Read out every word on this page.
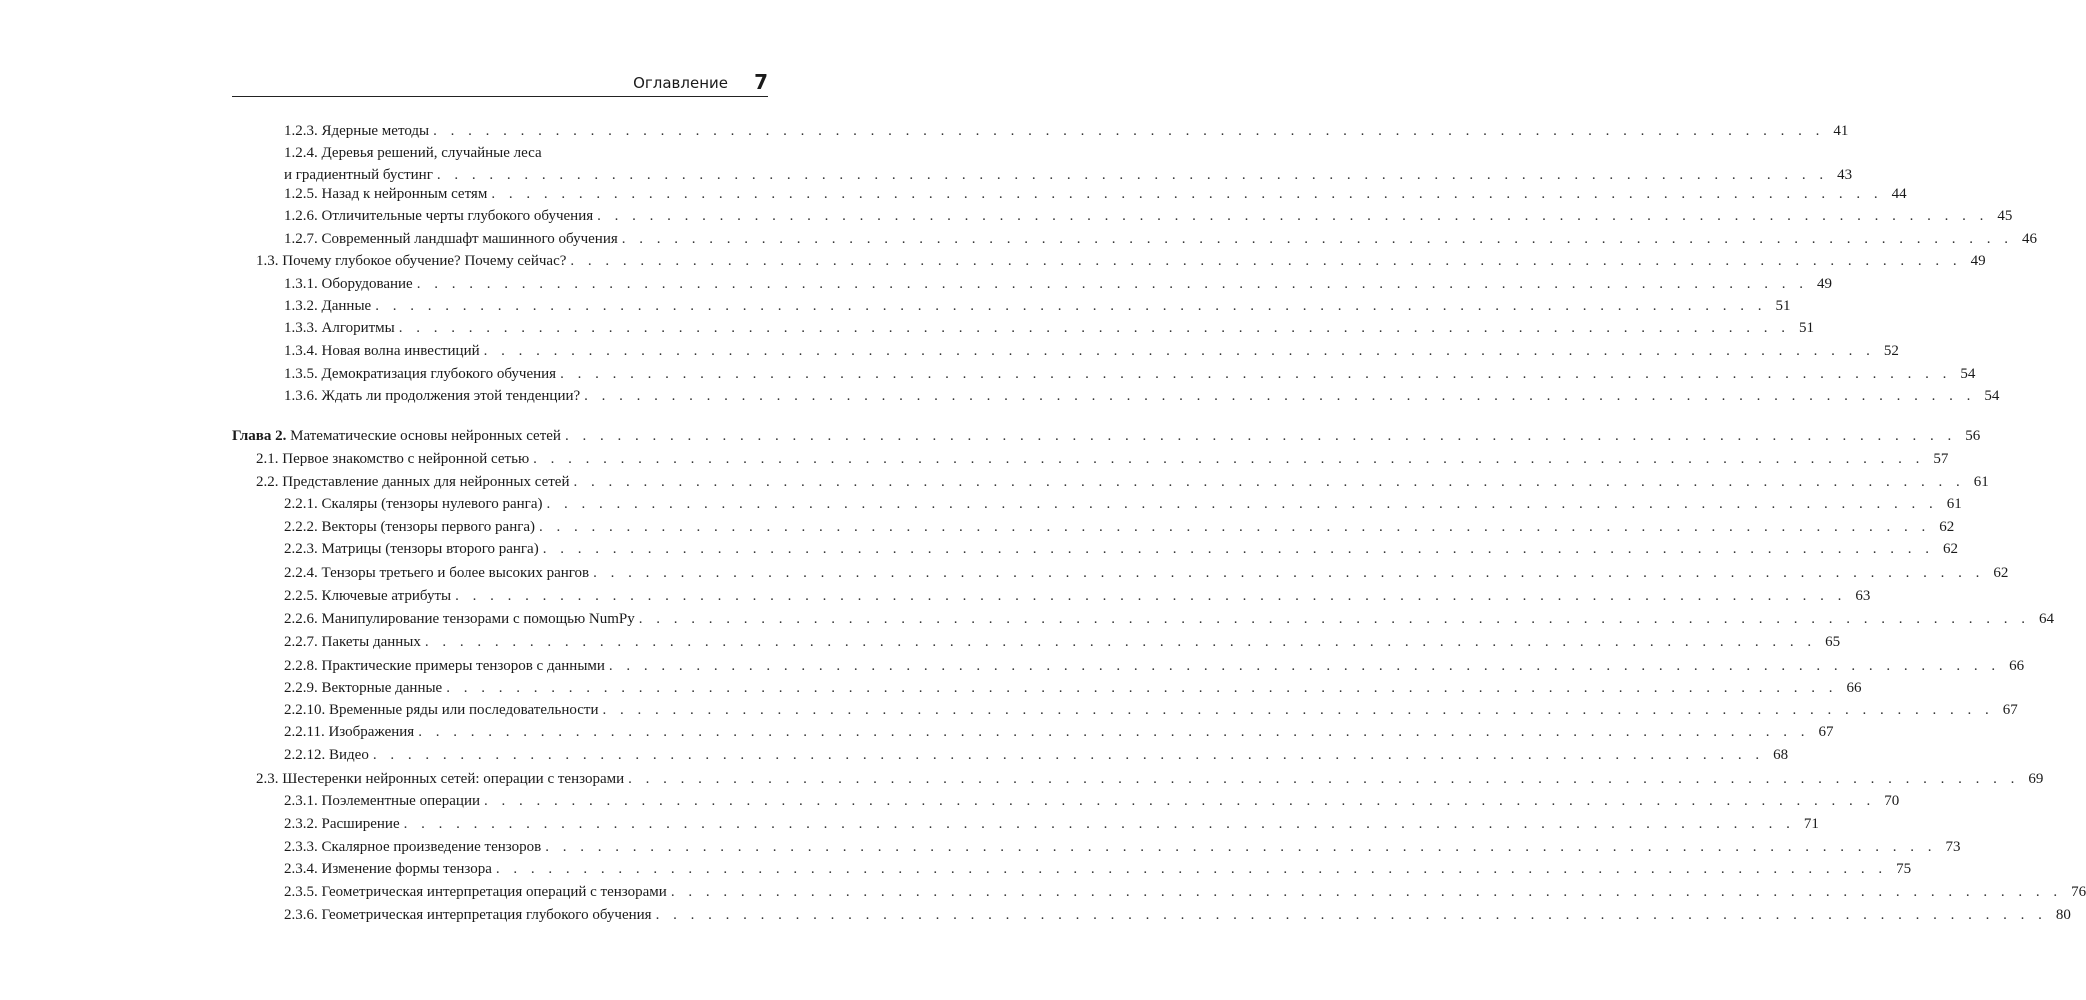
Оглавление 7
1.2.3. Ядерные методы . . . . . . . . . . . . . . . . . . . . . . . . . . . . . . . . . . . . . . . . . . . . . . . . . . . . . . . . . . . . . . . . . . . . . . . . . . . . . . . . 41
1.2.4. Деревья решений, случайные леса
и градиентный бустинг . . . . . . . . . . . . . . . . . . . . . . . . . . . . . . . . . . . . . . . . . . . . . . . . . . . . . . . . . . . . . . . . . . . . . . . . . . . . . . . . 43
1.2.5. Назад к нейронным сетям . . . . . . . . . . . . . . . . . . . . . . . . . . . . . . . . . . . . . . . . . . . . . . . . . . . . . . . . . . . . . . . . . . . . . . . . . . . . . . . . 44
1.2.6. Отличительные черты глубокого обучения . . . . . . . . . . . . . . . . . . . . . . . . . . . . . . . . . . . . . . . . . . . . . . . . . . . . . . . . . . . . . . . . . . . . . . . . . . . . . . . . 45
1.2.7. Современный ландшафт машинного обучения . . . . . . . . . . . . . . . . . . . . . . . . . . . . . . . . . . . . . . . . . . . . . . . . . . . . . . . . . . . . . . . . . . . . . . . . . . . . . . . . 46
1.3. Почему глубокое обучение? Почему сейчас? . . . . . . . . . . . . . . . . . . . . . . . . . . . . . . . . . . . . . . . . . . . . . . . . . . . . . . . . . . . . . . . . . . . . . . . . . . . . . . . . 49
1.3.1. Оборудование . . . . . . . . . . . . . . . . . . . . . . . . . . . . . . . . . . . . . . . . . . . . . . . . . . . . . . . . . . . . . . . . . . . . . . . . . . . . . . . . 49
1.3.2. Данные . . . . . . . . . . . . . . . . . . . . . . . . . . . . . . . . . . . . . . . . . . . . . . . . . . . . . . . . . . . . . . . . . . . . . . . . . . . . . . . . 51
1.3.3. Алгоритмы . . . . . . . . . . . . . . . . . . . . . . . . . . . . . . . . . . . . . . . . . . . . . . . . . . . . . . . . . . . . . . . . . . . . . . . . . . . . . . . . 51
1.3.4. Новая волна инвестиций . . . . . . . . . . . . . . . . . . . . . . . . . . . . . . . . . . . . . . . . . . . . . . . . . . . . . . . . . . . . . . . . . . . . . . . . . . . . . . . . 52
1.3.5. Демократизация глубокого обучения . . . . . . . . . . . . . . . . . . . . . . . . . . . . . . . . . . . . . . . . . . . . . . . . . . . . . . . . . . . . . . . . . . . . . . . . . . . . . . . . 54
1.3.6. Ждать ли продолжения этой тенденции? . . . . . . . . . . . . . . . . . . . . . . . . . . . . . . . . . . . . . . . . . . . . . . . . . . . . . . . . . . . . . . . . . . . . . . . . . . . . . . . . 54
Глава 2. Математические основы нейронных сетей . . . . . . . . . . . . . . . . . . . . . . . . . . . . . . . . . . . . . . . . . . . . . . . . . . . . . . . . . . . . . . . . . . . . . . . . . . . . . . . . 56
2.1. Первое знакомство с нейронной сетью . . . . . . . . . . . . . . . . . . . . . . . . . . . . . . . . . . . . . . . . . . . . . . . . . . . . . . . . . . . . . . . . . . . . . . . . . . . . . . . . 57
2.2. Представление данных для нейронных сетей . . . . . . . . . . . . . . . . . . . . . . . . . . . . . . . . . . . . . . . . . . . . . . . . . . . . . . . . . . . . . . . . . . . . . . . . . . . . . . . . 61
2.2.1. Скаляры (тензоры нулевого ранга) . . . . . . . . . . . . . . . . . . . . . . . . . . . . . . . . . . . . . . . . . . . . . . . . . . . . . . . . . . . . . . . . . . . . . . . . . . . . . . . . 61
2.2.2. Векторы (тензоры первого ранга) . . . . . . . . . . . . . . . . . . . . . . . . . . . . . . . . . . . . . . . . . . . . . . . . . . . . . . . . . . . . . . . . . . . . . . . . . . . . . . . . 62
2.2.3. Матрицы (тензоры второго ранга) . . . . . . . . . . . . . . . . . . . . . . . . . . . . . . . . . . . . . . . . . . . . . . . . . . . . . . . . . . . . . . . . . . . . . . . . . . . . . . . . 62
2.2.4. Тензоры третьего и более высоких рангов . . . . . . . . . . . . . . . . . . . . . . . . . . . . . . . . . . . . . . . . . . . . . . . . . . . . . . . . . . . . . . . . . . . . . . . . . . . . . . . . 62
2.2.5. Ключевые атрибуты . . . . . . . . . . . . . . . . . . . . . . . . . . . . . . . . . . . . . . . . . . . . . . . . . . . . . . . . . . . . . . . . . . . . . . . . . . . . . . . . 63
2.2.6. Манипулирование тензорами с помощью NumPy . . . . . . . . . . . . . . . . . . . . . . . . . . . . . . . . . . . . . . . . . . . . . . . . . . . . . . . . . . . . . . . . . . . . . . . . . . . . . . . . 64
2.2.7. Пакеты данных . . . . . . . . . . . . . . . . . . . . . . . . . . . . . . . . . . . . . . . . . . . . . . . . . . . . . . . . . . . . . . . . . . . . . . . . . . . . . . . . 65
2.2.8. Практические примеры тензоров с данными . . . . . . . . . . . . . . . . . . . . . . . . . . . . . . . . . . . . . . . . . . . . . . . . . . . . . . . . . . . . . . . . . . . . . . . . . . . . . . . . 66
2.2.9. Векторные данные . . . . . . . . . . . . . . . . . . . . . . . . . . . . . . . . . . . . . . . . . . . . . . . . . . . . . . . . . . . . . . . . . . . . . . . . . . . . . . . . 66
2.2.10. Временные ряды или последовательности . . . . . . . . . . . . . . . . . . . . . . . . . . . . . . . . . . . . . . . . . . . . . . . . . . . . . . . . . . . . . . . . . . . . . . . . . . . . . . . . 67
2.2.11. Изображения . . . . . . . . . . . . . . . . . . . . . . . . . . . . . . . . . . . . . . . . . . . . . . . . . . . . . . . . . . . . . . . . . . . . . . . . . . . . . . . . 67
2.2.12. Видео . . . . . . . . . . . . . . . . . . . . . . . . . . . . . . . . . . . . . . . . . . . . . . . . . . . . . . . . . . . . . . . . . . . . . . . . . . . . . . . . 68
2.3. Шестеренки нейронных сетей: операции с тензорами . . . . . . . . . . . . . . . . . . . . . . . . . . . . . . . . . . . . . . . . . . . . . . . . . . . . . . . . . . . . . . . . . . . . . . . . . . . . . . . . 69
2.3.1. Поэлементные операции . . . . . . . . . . . . . . . . . . . . . . . . . . . . . . . . . . . . . . . . . . . . . . . . . . . . . . . . . . . . . . . . . . . . . . . . . . . . . . . . 70
2.3.2. Расширение . . . . . . . . . . . . . . . . . . . . . . . . . . . . . . . . . . . . . . . . . . . . . . . . . . . . . . . . . . . . . . . . . . . . . . . . . . . . . . . . 71
2.3.3. Скалярное произведение тензоров . . . . . . . . . . . . . . . . . . . . . . . . . . . . . . . . . . . . . . . . . . . . . . . . . . . . . . . . . . . . . . . . . . . . . . . . . . . . . . . . 73
2.3.4. Изменение формы тензора . . . . . . . . . . . . . . . . . . . . . . . . . . . . . . . . . . . . . . . . . . . . . . . . . . . . . . . . . . . . . . . . . . . . . . . . . . . . . . . . 75
2.3.5. Геометрическая интерпретация операций с тензорами . . . . . . . . . . . . . . . . . . . . . . . . . . . . . . . . . . . . . . . . . . . . . . . . . . . . . . . . . . . . . . . . . . . . . . . . . . . . . . . . 76
2.3.6. Геометрическая интерпретация глубокого обучения . . . . . . . . . . . . . . . . . . . . . . . . . . . . . . . . . . . . . . . . . . . . . . . . . . . . . . . . . . . . . . . . . . . . . . . . . . . . . . . . 80
